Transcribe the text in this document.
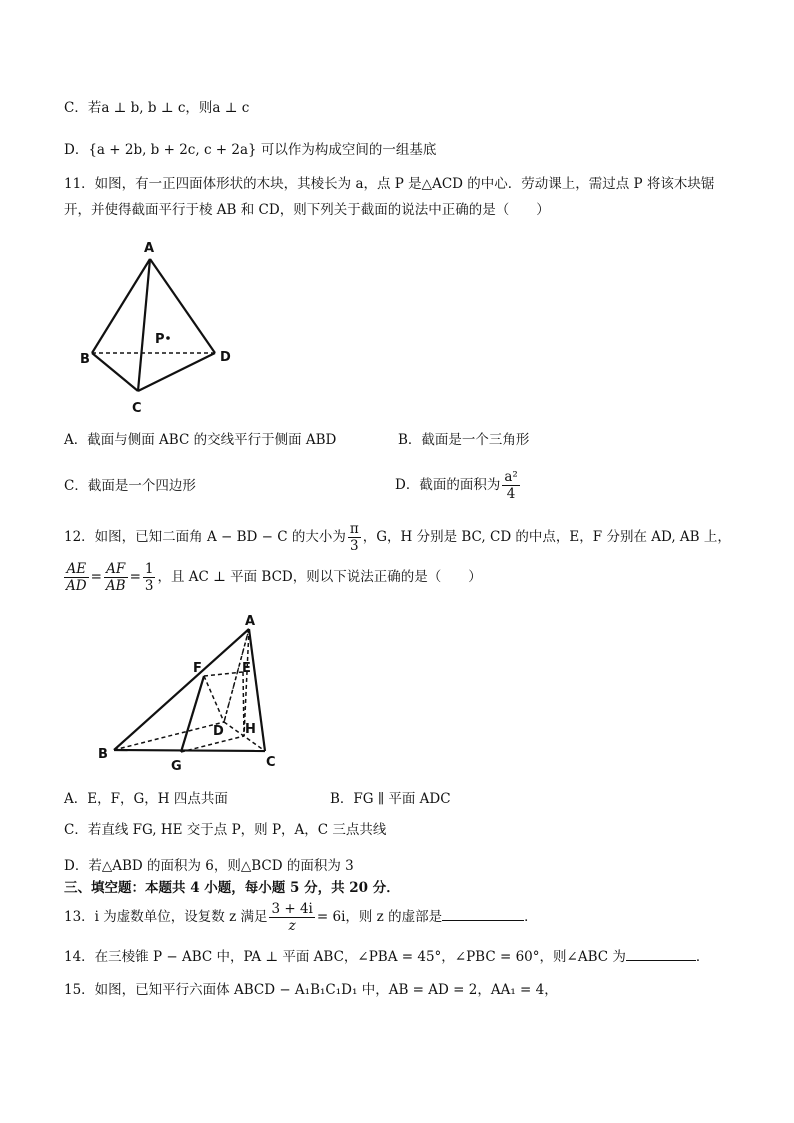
C．若a ⊥ b, b ⊥ c，则a ⊥ c
D．{a + 2b, b + 2c, c + 2a} 可以作为构成空间的一组基底
11．如图，有一正四面体形状的木块，其棱长为 a，点 P 是△ACD 的中心．劳动课上，需过点 P 将该木块锯
开，并使得截面平行于棱 AB 和 CD，则下列关于截面的说法中正确的是（　　）
A
B
C
D
P
A．截面与侧面 ABC 的交线平行于侧面 ABD	B．截面是一个三角形
C．截面是一个四边形	D．截面的面积为 $\frac{\text{a²}}{4}$
12．如图，已知二面角 A − BD − C 的大小为 $\frac{\pi}{3}$ ，G，H 分别是 BC, CD 的中点，E，F 分别在 AD, AB 上，
$\frac{AE}{AD} = \frac{AF}{AB} = \frac{1}{3}$ ，且 AC ⊥ 平面 BCD，则以下说法正确的是（　　）
A
B
C
D
E
F
G
H
A．E，F，G，H 四点共面	B．FG ∥ 平面 ADC
C．若直线 FG, HE 交于点 P，则 P，A，C 三点共线
D．若△ABD 的面积为 6，则△BCD 的面积为 3
三、填空题：本题共 4 小题，每小题 5 分，共 20 分．
13．i 为虚数单位，设复数 z 满足 $\frac{3 + 4i}{z} = 6i$，则 z 的虚部是	．
14．在三棱锥 P − ABC 中，PA ⊥ 平面 ABC，∠PBA = 45°，∠PBC = 60°，则∠ABC 为	．
15．如图，已知平行六面体 ABCD − A₁B₁C₁D₁ 中，AB = AD = 2，AA₁ = 4，
